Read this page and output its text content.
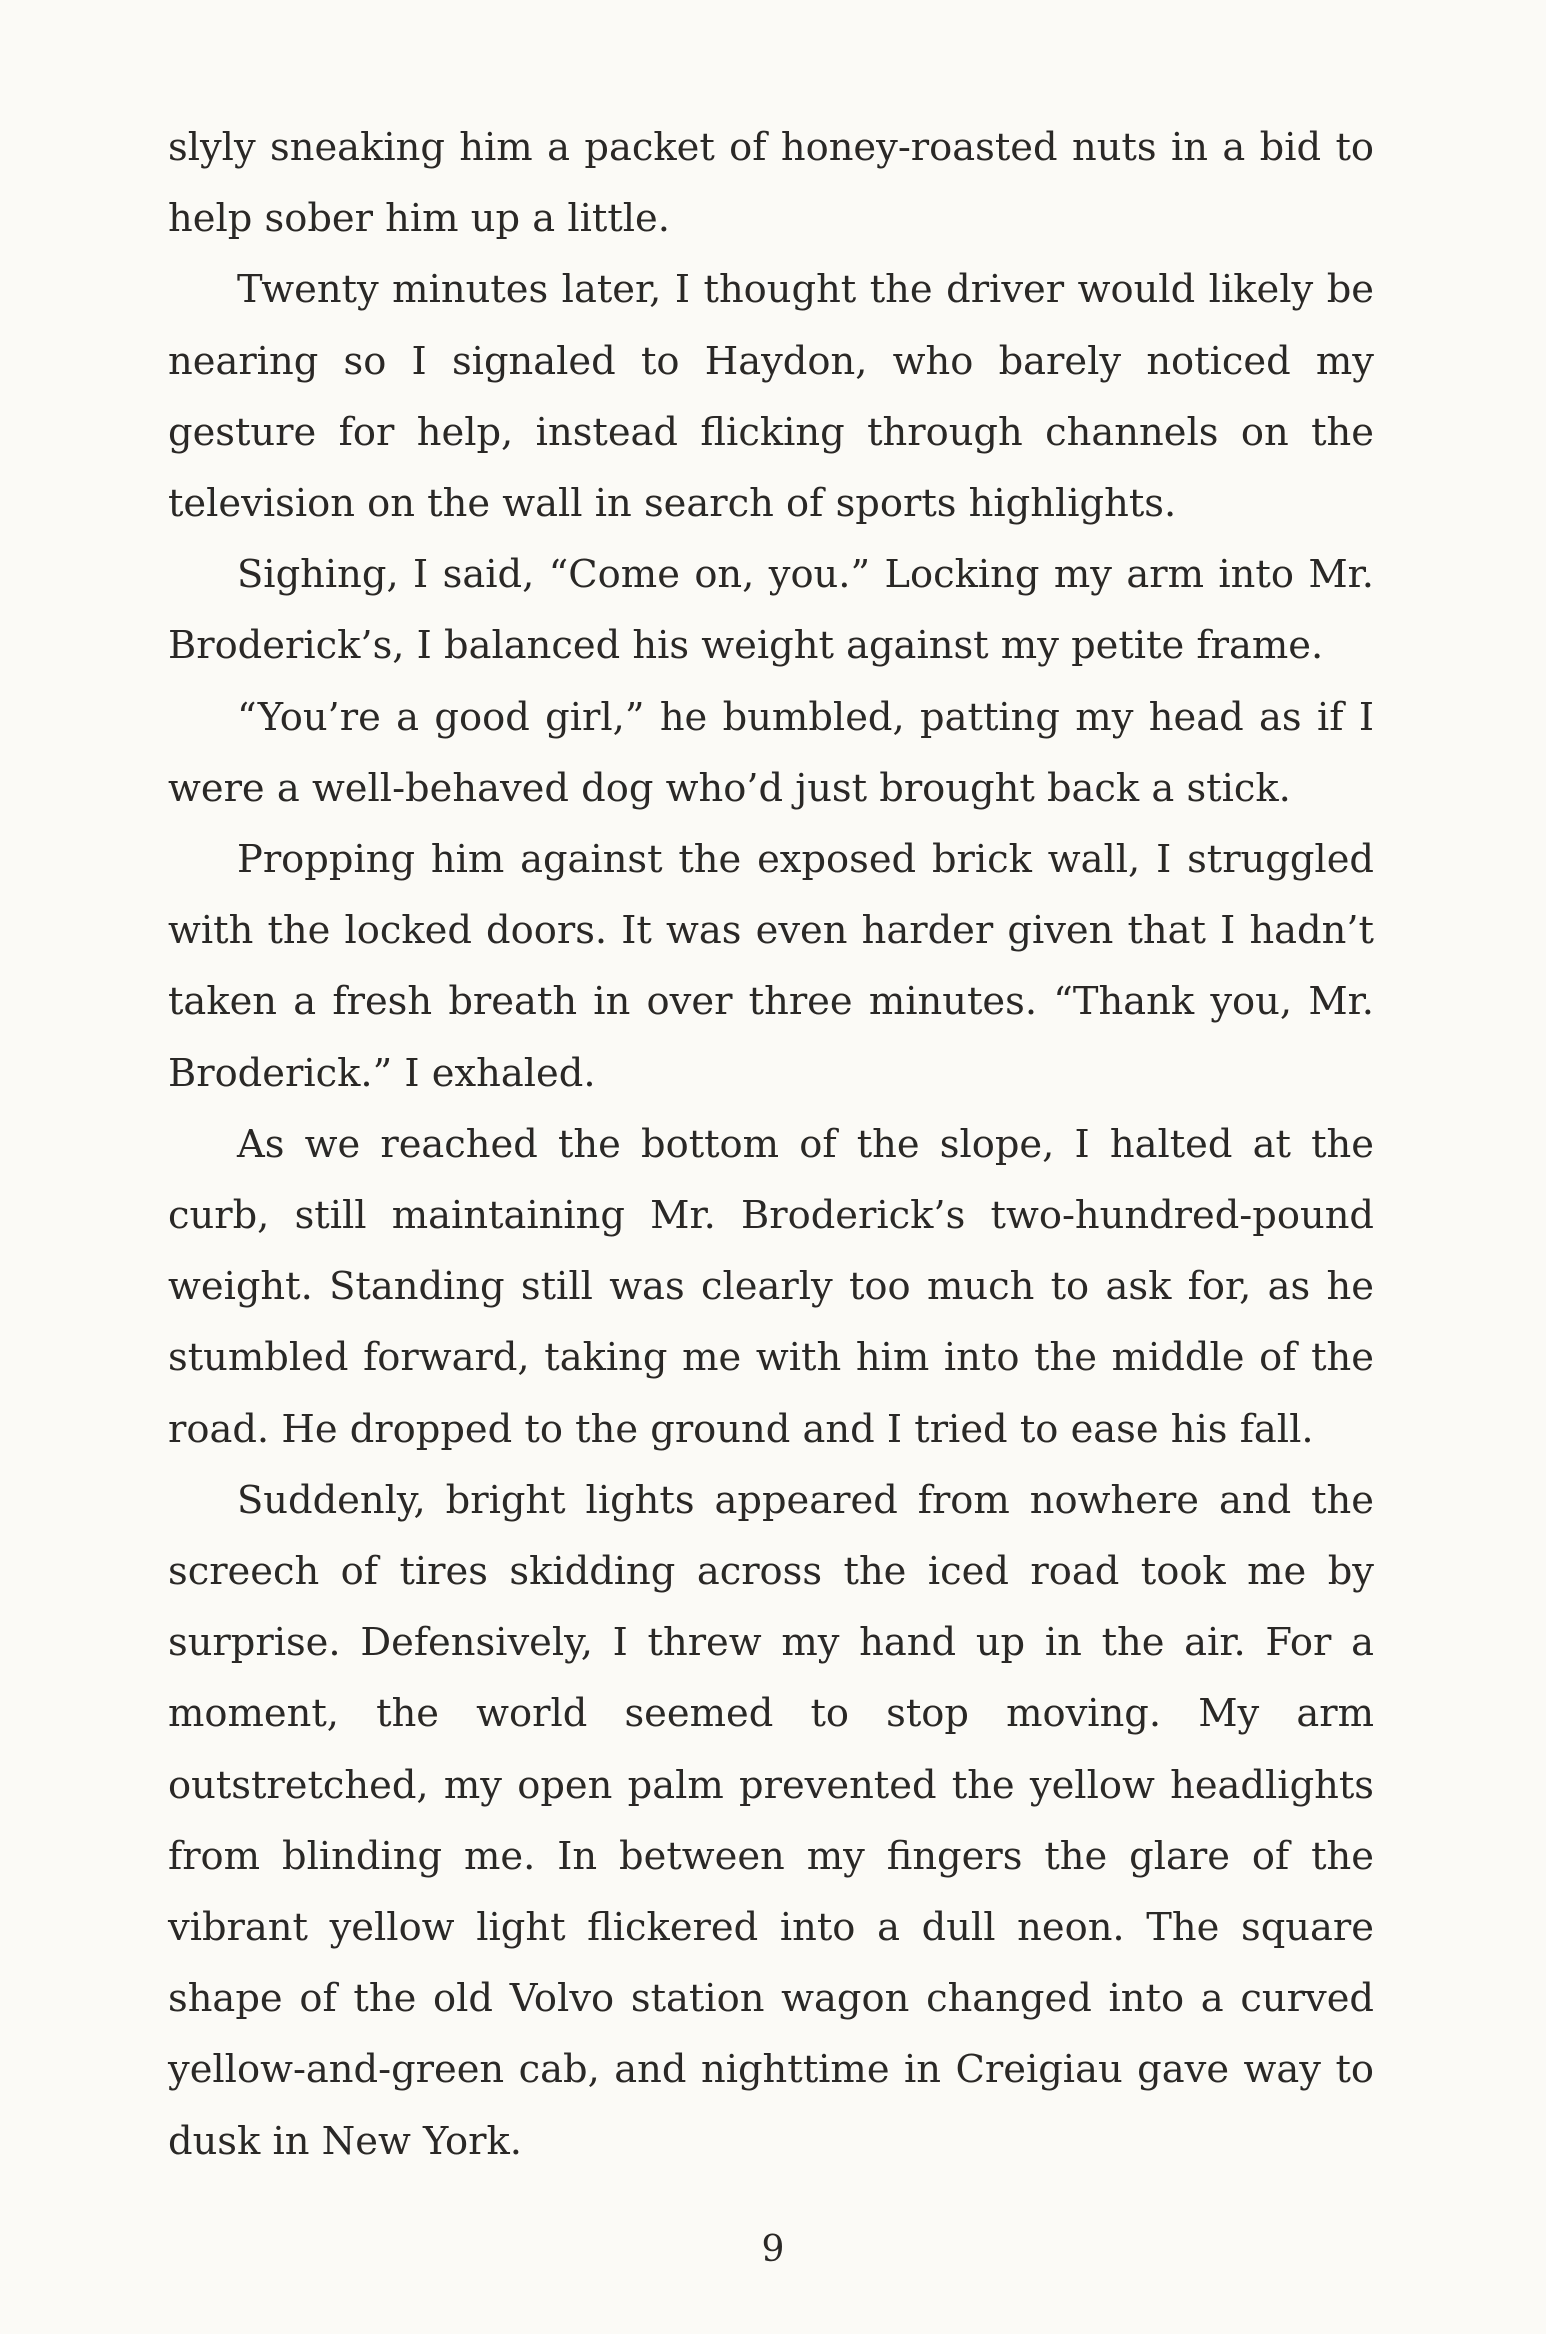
slyly sneaking him a packet of honey-roasted nuts in a bid to help sober him up a little.

Twenty minutes later, I thought the driver would likely be nearing so I signaled to Haydon, who barely noticed my gesture for help, instead flicking through channels on the television on the wall in search of sports highlights.

Sighing, I said, “Come on, you.” Locking my arm into Mr. Broderick’s, I balanced his weight against my petite frame.

“You’re a good girl,” he bumbled, patting my head as if I were a well-behaved dog who’d just brought back a stick.

Propping him against the exposed brick wall, I struggled with the locked doors. It was even harder given that I hadn’t taken a fresh breath in over three minutes. “Thank you, Mr. Broderick.” I exhaled.

As we reached the bottom of the slope, I halted at the curb, still maintaining Mr. Broderick’s two-hundred-pound weight. Standing still was clearly too much to ask for, as he stumbled forward, taking me with him into the middle of the road. He dropped to the ground and I tried to ease his fall.

Suddenly, bright lights appeared from nowhere and the screech of tires skidding across the iced road took me by surprise. Defensively, I threw my hand up in the air. For a moment, the world seemed to stop moving. My arm outstretched, my open palm prevented the yellow headlights from blinding me. In between my fingers the glare of the vibrant yellow light flickered into a dull neon. The square shape of the old Volvo station wagon changed into a curved yellow-and-green cab, and nighttime in Creigiau gave way to dusk in New York.

9
